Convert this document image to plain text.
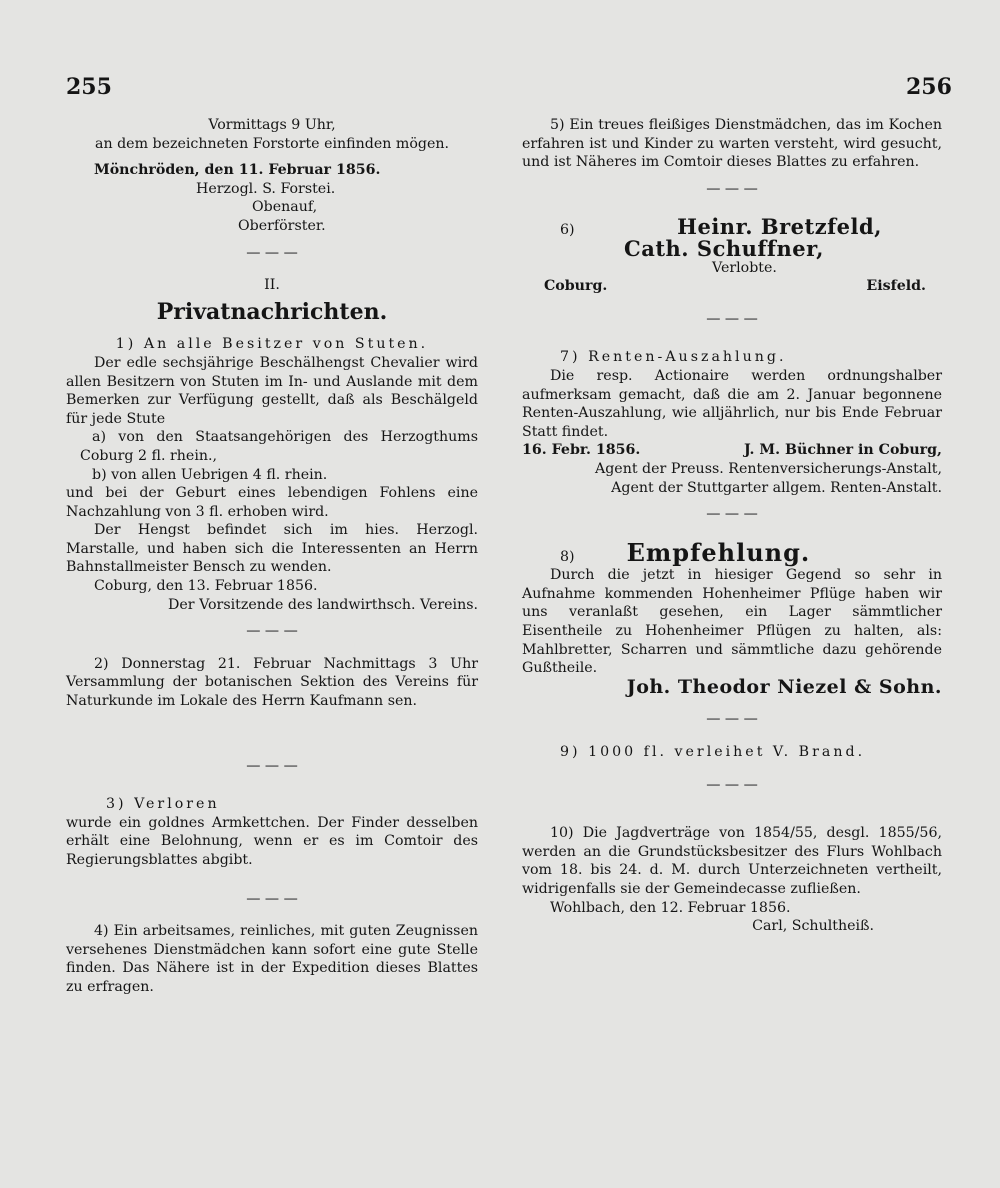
255	256

Vormittags 9 Uhr,

an dem bezeichneten Forstorte einfinden mögen.

Mönchröden, den 11. Februar 1856.

Herzogl. S. Forstei.

Obenauf,

Oberförster.

— — —

II.

Privatnachrichten.

1) An alle Besitzer von Stuten.

Der edle sechsjährige Beschälhengst Chevalier wird allen Besitzern von Stuten im In- und Auslande mit dem Bemerken zur Verfügung gestellt, daß als Beschälgeld für jede Stute

a) von den Staatsangehörigen des Herzogthums Coburg 2 fl. rhein.,

b) von allen Uebrigen 4 fl. rhein.

und bei der Geburt eines lebendigen Fohlens eine Nachzahlung von 3 fl. erhoben wird.

Der Hengst befindet sich im hies. Herzogl. Marstalle, und haben sich die Interessenten an Herrn Bahnstallmeister Bensch zu wenden.

Coburg, den 13. Februar 1856.

Der Vorsitzende des landwirthsch. Vereins.

— — —

2) Donnerstag 21. Februar Nachmittags 3 Uhr Versammlung der botanischen Sektion des Vereins für Naturkunde im Lokale des Herrn Kaufmann sen.

— — —

3) Verloren

wurde ein goldnes Armkettchen. Der Finder desselben erhält eine Belohnung, wenn er es im Comtoir des Regierungsblattes abgibt.

— — —

4) Ein arbeitsames, reinliches, mit guten Zeugnissen versehenes Dienstmädchen kann sofort eine gute Stelle finden. Das Nähere ist in der Expedition dieses Blattes zu erfragen.

5) Ein treues fleißiges Dienstmädchen, das im Kochen erfahren ist und Kinder zu warten versteht, wird gesucht, und ist Näheres im Comtoir dieses Blattes zu erfahren.

— — —

6)	Heinr. Bretzfeld,

Cath. Schuffner,

Verlobte.

Coburg.	Eisfeld.

— — —

7) Renten-Auszahlung.

Die resp. Actionaire werden ordnungshalber aufmerksam gemacht, daß die am 2. Januar begonnene Renten-Auszahlung, wie alljährlich, nur bis Ende Februar Statt findet.

16. Febr. 1856.	J. M. Büchner in Coburg,

Agent der Preuss. Rentenversicherungs-Anstalt,

Agent der Stuttgarter allgem. Renten-Anstalt.

— — —

8)	Empfehlung.

Durch die jetzt in hiesiger Gegend so sehr in Aufnahme kommenden Hohenheimer Pflüge haben wir uns veranlaßt gesehen, ein Lager sämmtlicher Eisentheile zu Hohenheimer Pflügen zu halten, als: Mahlbretter, Scharren und sämmtliche dazu gehörende Gußtheile.

Joh. Theodor Niezel & Sohn.

— — —

9) 1000 fl. verleihet V. Brand.

— — —

10) Die Jagdverträge von 1854/55, desgl. 1855/56, werden an die Grundstücksbesitzer des Flurs Wohlbach vom 18. bis 24. d. M. durch Unterzeichneten vertheilt, widrigenfalls sie der Gemeindecasse zufließen.

Wohlbach, den 12. Februar 1856.

Carl, Schultheiß.
